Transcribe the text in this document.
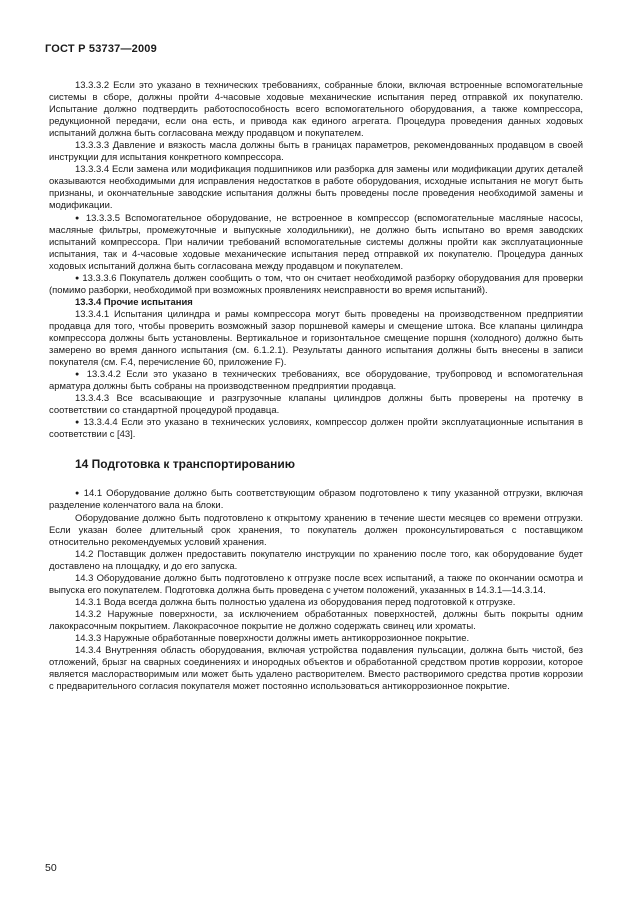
ГОСТ Р 53737—2009

13.3.3.2 Если это указано в технических требованиях, собранные блоки, включая встроенные вспомогательные системы в сборе, должны пройти 4-часовые ходовые механические испытания перед отправкой их покупателю. Испытание должно подтвердить работоспособность всего вспомогательного оборудования, а также компрессора, редукционной передачи, если она есть, и привода как единого агрегата. Процедура проведения данных ходовых испытаний должна быть согласована между продавцом и покупателем.

13.3.3.3 Давление и вязкость масла должны быть в границах параметров, рекомендованных продавцом в своей инструкции для испытания конкретного компрессора.

13.3.3.4 Если замена или модификация подшипников или разборка для замены или модификации других деталей оказываются необходимыми для исправления недостатков в работе оборудования, исходные испытания не могут быть признаны, и окончательные заводские испытания должны быть проведены после проведения необходимой замены и модификации.

● 13.3.3.5 Вспомогательное оборудование, не встроенное в компрессор (вспомогательные масляные насосы, масляные фильтры, промежуточные и выпускные холодильники), не должно быть испытано во время заводских испытаний компрессора. При наличии требований вспомогательные системы должны пройти как эксплуатационные испытания, так и 4-часовые ходовые механические испытания перед отправкой их покупателю. Процедура данных ходовых испытаний должна быть согласована между продавцом и покупателем.

● 13.3.3.6 Покупатель должен сообщить о том, что он считает необходимой разборку оборудования для проверки (помимо разборки, необходимой при возможных проявлениях неисправности во время испытаний).

13.3.4 Прочие испытания

13.3.4.1 Испытания цилиндра и рамы компрессора могут быть проведены на производственном предприятии продавца для того, чтобы проверить возможный зазор поршневой камеры и смещение штока. Все клапаны цилиндра компрессора должны быть установлены. Вертикальное и горизонтальное смещение поршня (холодного) должно быть замерено во время данного испытания (см. 6.1.2.1). Результаты данного испытания должны быть внесены в записи покупателя (см. F.4, перечисление 60, приложение F).

● 13.3.4.2 Если это указано в технических требованиях, все оборудование, трубопровод и вспомогательная арматура должны быть собраны на производственном предприятии продавца.

13.3.4.3 Все всасывающие и разгрузочные клапаны цилиндров должны быть проверены на протечку в соответствии со стандартной процедурой продавца.

● 13.3.4.4 Если это указано в технических условиях, компрессор должен пройти эксплуатационные испытания в соответствии с [43].

14 Подготовка к транспортированию

● 14.1 Оборудование должно быть соответствующим образом подготовлено к типу указанной отгрузки, включая разделение коленчатого вала на блоки.

Оборудование должно быть подготовлено к открытому хранению в течение шести месяцев со времени отгрузки. Если указан более длительный срок хранения, то покупатель должен проконсультироваться с поставщиком относительно рекомендуемых условий хранения.

14.2 Поставщик должен предоставить покупателю инструкции по хранению после того, как оборудование будет доставлено на площадку, и до его запуска.

14.3 Оборудование должно быть подготовлено к отгрузке после всех испытаний, а также по окончании осмотра и выпуска его покупателем. Подготовка должна быть проведена с учетом положений, указанных в 14.3.1—14.3.14.

14.3.1 Вода всегда должна быть полностью удалена из оборудования перед подготовкой к отгрузке.

14.3.2 Наружные поверхности, за исключением обработанных поверхностей, должны быть покрыты одним лакокрасочным покрытием. Лакокрасочное покрытие не должно содержать свинец или хроматы.

14.3.3 Наружные обработанные поверхности должны иметь антикоррозионное покрытие.

14.3.4 Внутренняя область оборудования, включая устройства подавления пульсации, должна быть чистой, без отложений, брызг на сварных соединениях и инородных объектов и обработанной средством против коррозии, которое является маслорастворимым или может быть удалено растворителем. Вместо растворимого средства против коррозии с предварительного согласия покупателя может постоянно использоваться антикоррозионное покрытие.

50
